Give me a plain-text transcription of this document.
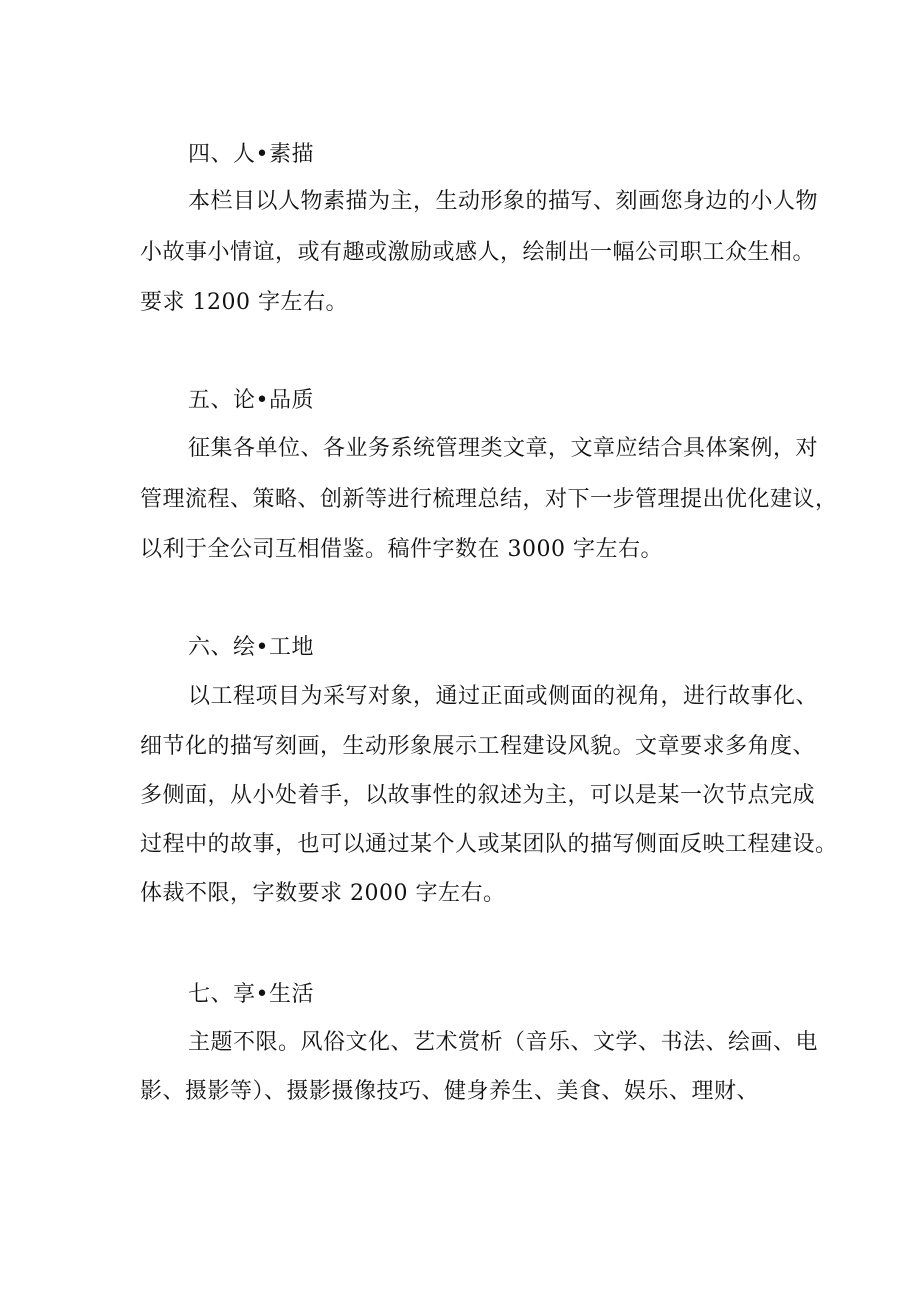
四、人•素描
本栏目以人物素描为主，生动形象的描写、刻画您身边的小人物
小故事小情谊，或有趣或激励或感人，绘制出一幅公司职工众生相。
要求 1200 字左右。
五、论•品质
征集各单位、各业务系统管理类文章，文章应结合具体案例，对
管理流程、策略、创新等进行梳理总结，对下一步管理提出优化建议，
以利于全公司互相借鉴。稿件字数在 3000 字左右。
六、绘•工地
以工程项目为采写对象，通过正面或侧面的视角，进行故事化、
细节化的描写刻画，生动形象展示工程建设风貌。文章要求多角度、
多侧面，从小处着手，以故事性的叙述为主，可以是某一次节点完成
过程中的故事，也可以通过某个人或某团队的描写侧面反映工程建设。
体裁不限，字数要求 2000 字左右。
七、享•生活
主题不限。风俗文化、艺术赏析（音乐、文学、书法、绘画、电
影、摄影等）、摄影摄像技巧、健身养生、美食、娱乐、理财、
